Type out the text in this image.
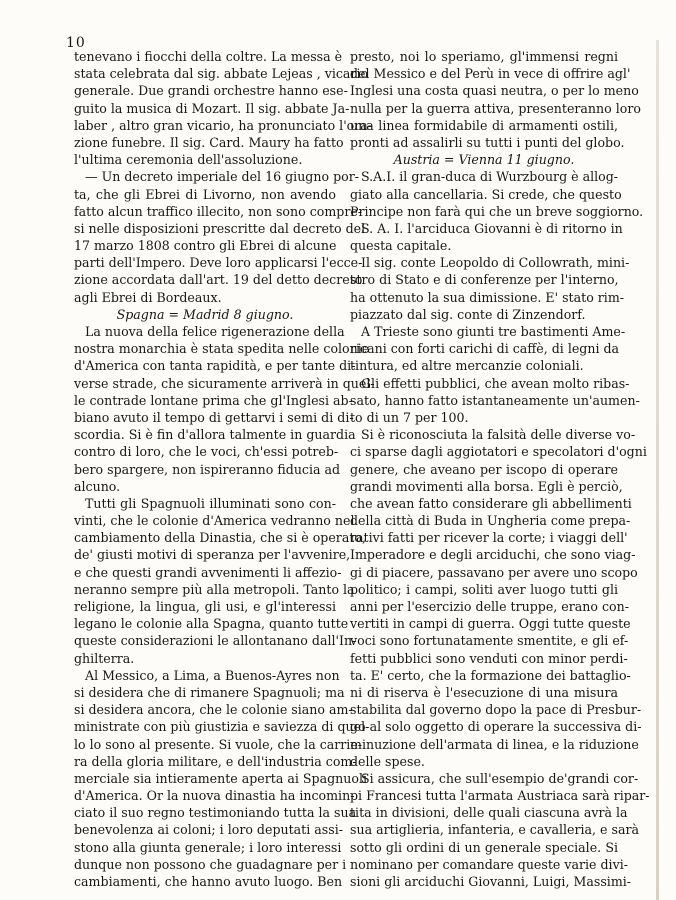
10
tenevano i fiocchi della coltre. La messa è
stata celebrata dal sig. abbate Lejeas , vicario
generale. Due grandi orchestre hanno ese-
guito la musica di Mozart. Il sig. abbate Ja-
laber , altro gran vicario, ha pronunciato l'ora-
zione funebre. Il sig. Card. Maury ha fatto
l'ultima ceremonia dell'assoluzione.
— Un decreto imperiale del 16 giugno por-
ta, che gli Ebrei di Livorno, non avendo
fatto alcun traffico illecito, non sono compre-
si nelle disposizioni prescritte dal decreto del
17 marzo 1808 contro gli Ebrei di alcune
parti dell'Impero. Deve loro applicarsi l'ecce-
zione accordata dall'art. 19 del detto decreto
agli Ebrei di Bordeaux.
Spagna = Madrid 8 giugno.
La nuova della felice rigenerazione della
nostra monarchia è stata spedita nelle colonie
d'America con tanta rapidità, e per tante di-
verse strade, che sicuramente arriverà in quel-
le contrade lontane prima che gl'Inglesi ab-
biano avuto il tempo di gettarvi i semi di di-
scordia. Si è fin d'allora talmente in guardia
contro di loro, che le voci, ch'essi potreb-
bero spargere, non ispireranno fiducia ad
alcuno.
Tutti gli Spagnuoli illuminati sono con-
vinti, che le colonie d'America vedranno nel
cambiamento della Dinastia, che si è operato,
de' giusti motivi di speranza per l'avvenire,
e che questi grandi avvenimenti li affezio-
neranno sempre più alla metropoli. Tanto la
religione, la lingua, gli usi, e gl'interessi
legano le colonie alla Spagna, quanto tutte
queste considerazioni le allontanano dall'In-
ghilterra.
Al Messico, a Lima, a Buenos-Ayres non
si desidera che di rimanere Spagnuoli; ma
si desidera ancora, che le colonie siano am-
ministrate con più giustizia e saviezza di quel-
lo lo sono al presente. Si vuole, che la carrie-
ra della gloria militare, e dell'industria com-
merciale sia intieramente aperta ai Spagnuoli
d'America. Or la nuova dinastia ha incomin-
ciato il suo regno testimoniando tutta la sua
benevolenza ai coloni; i loro deputati assi-
stono alla giunta generale; i loro interessi
dunque non possono che guadagnare per i
cambiamenti, che hanno avuto luogo. Ben
presto, noi lo speriamo, gl'immensi regni
del Messico e del Perù in vece di offrire agl'
Inglesi una costa quasi neutra, o per lo meno
nulla per la guerra attiva, presenteranno loro
una linea formidabile di armamenti ostili,
pronti ad assalirli su tutti i punti del globo.
Austria = Vienna 11 giugno.
S.A.I. il gran-duca di Wurzbourg è allog-
giato alla cancellaria. Si crede, che questo
Principe non farà qui che un breve soggiorno.
S. A. I. l'arciduca Giovanni è di ritorno in
questa capitale.
Il sig. conte Leopoldo di Collowrath, mini-
stro di Stato e di conferenze per l'interno,
ha ottenuto la sua dimissione. E' stato rim-
piazzato dal sig. conte di Zinzendorf.
A Trieste sono giunti tre bastimenti Ame-
ricani con forti carichi di caffè, di legni da
tintura, ed altre mercanzie coloniali.
Gli effetti pubblici, che avean molto ribas-
sato, hanno fatto istantaneamente un'aumen-
to di un 7 per 100.
Si è riconosciuta la falsità delle diverse vo-
ci sparse dagli aggiotatori e specolatori d'ogni
genere, che aveano per iscopo di operare
grandi movimenti alla borsa. Egli è perciò,
che avean fatto considerare gli abbellimenti
della città di Buda in Ungheria come prepa-
rativi fatti per ricever la corte; i viaggi dell'
Imperadore e degli arciduchi, che sono viag-
gi di piacere, passavano per avere uno scopo
politico; i campi, soliti aver luogo tutti gli
anni per l'esercizio delle truppe, erano con-
vertiti in campi di guerra. Oggi tutte queste
voci sono fortunatamente smentite, e gli ef-
fetti pubblici sono venduti con minor perdi-
ta. E' certo, che la formazione dei battaglio-
ni di riserva è l'esecuzione di una misura
stabilita dal governo dopo la pace di Presbur-
go al solo oggetto di operare la successiva di-
minuzione dell'armata di linea, e la riduzione
delle spese.
Si assicura, che sull'esempio de'grandi cor-
pi Francesi tutta l'armata Austriaca sarà ripar-
tita in divisioni, delle quali ciascuna avrà la
sua artiglieria, infanteria, e cavalleria, e sarà
sotto gli ordini di un generale speciale. Si
nominano per comandare queste varie divi-
sioni gli arciduchi Giovanni, Luigi, Massimi-
